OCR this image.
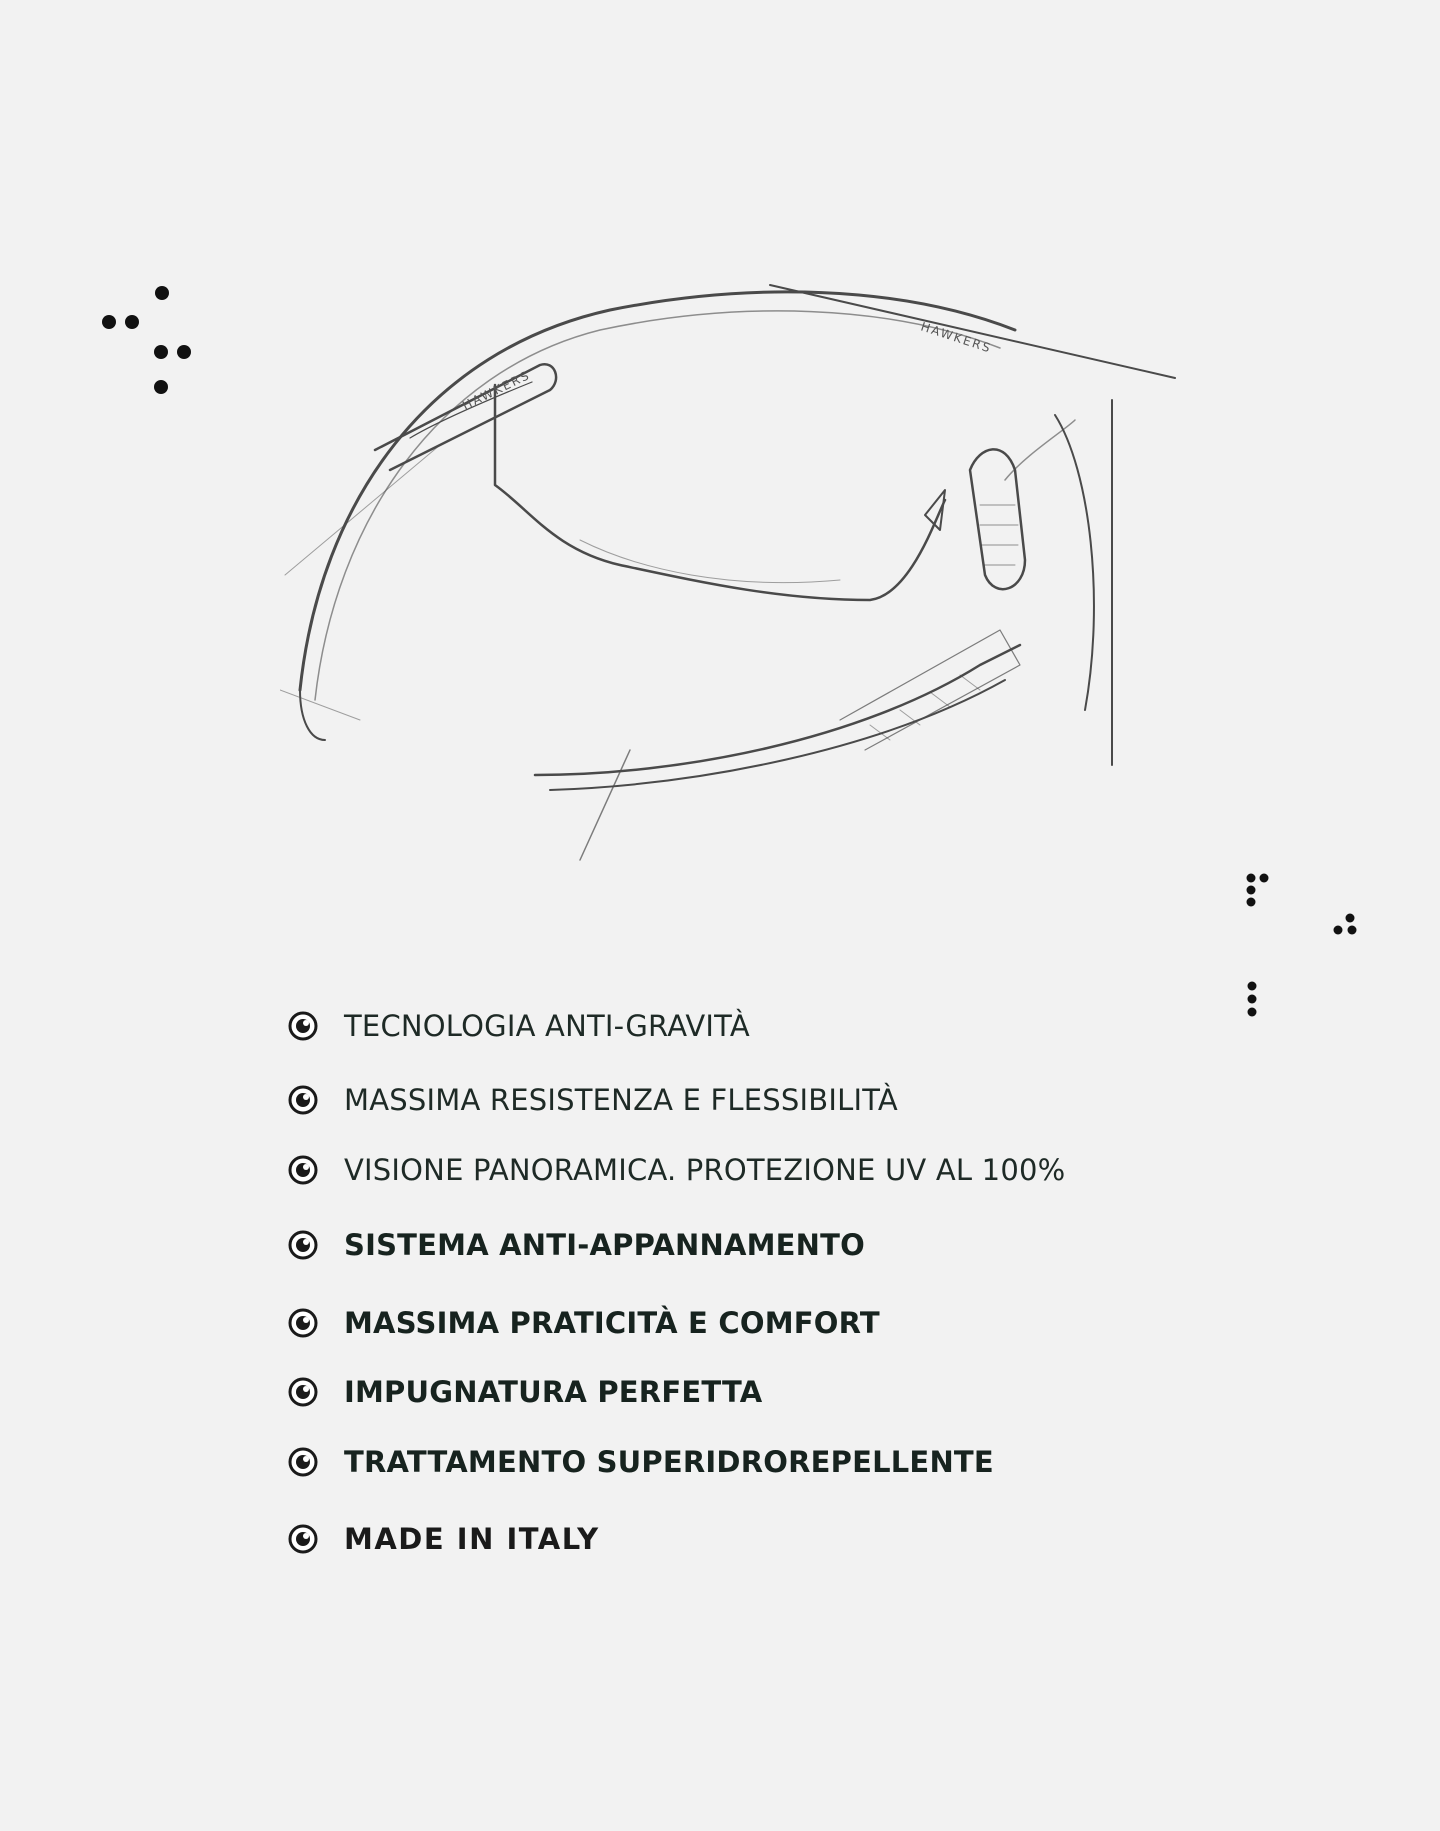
HAWKERS
HAWKERS
TECNOLOGIA ANTI-GRAVITÀ
MASSIMA RESISTENZA E FLESSIBILITÀ
VISIONE PANORAMICA. PROTEZIONE UV AL 100%
SISTEMA ANTI-APPANNAMENTO
MASSIMA PRATICITÀ E COMFORT
IMPUGNATURA PERFETTA
TRATTAMENTO SUPERIDROREPELLENTE
MADE IN ITALY
